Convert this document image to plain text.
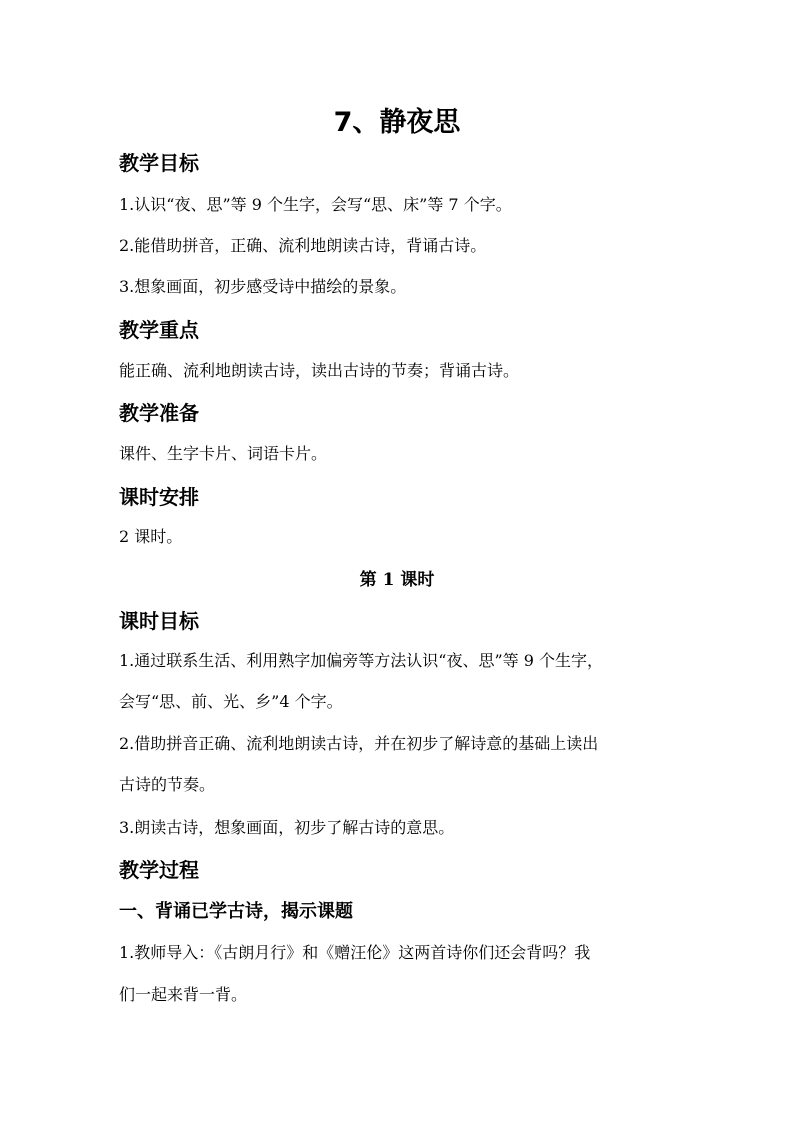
7、静夜思
教学目标
1.认识“夜、思”等 9 个生字，会写“思、床”等 7 个字。
2.能借助拼音，正确、流利地朗读古诗，背诵古诗。
3.想象画面，初步感受诗中描绘的景象。
教学重点
能正确、流利地朗读古诗，读出古诗的节奏；背诵古诗。
教学准备
课件、生字卡片、词语卡片。
课时安排
2 课时。
第 1 课时
课时目标
1.通过联系生活、利用熟字加偏旁等方法认识“夜、思”等 9 个生字，
会写“思、前、光、乡”4 个字。
2.借助拼音正确、流利地朗读古诗，并在初步了解诗意的基础上读出
古诗的节奏。
3.朗读古诗，想象画面，初步了解古诗的意思。
教学过程
一、背诵已学古诗，揭示课题
1.教师导入：《古朗月行》和《赠汪伦》这两首诗你们还会背吗？我
们一起来背一背。
